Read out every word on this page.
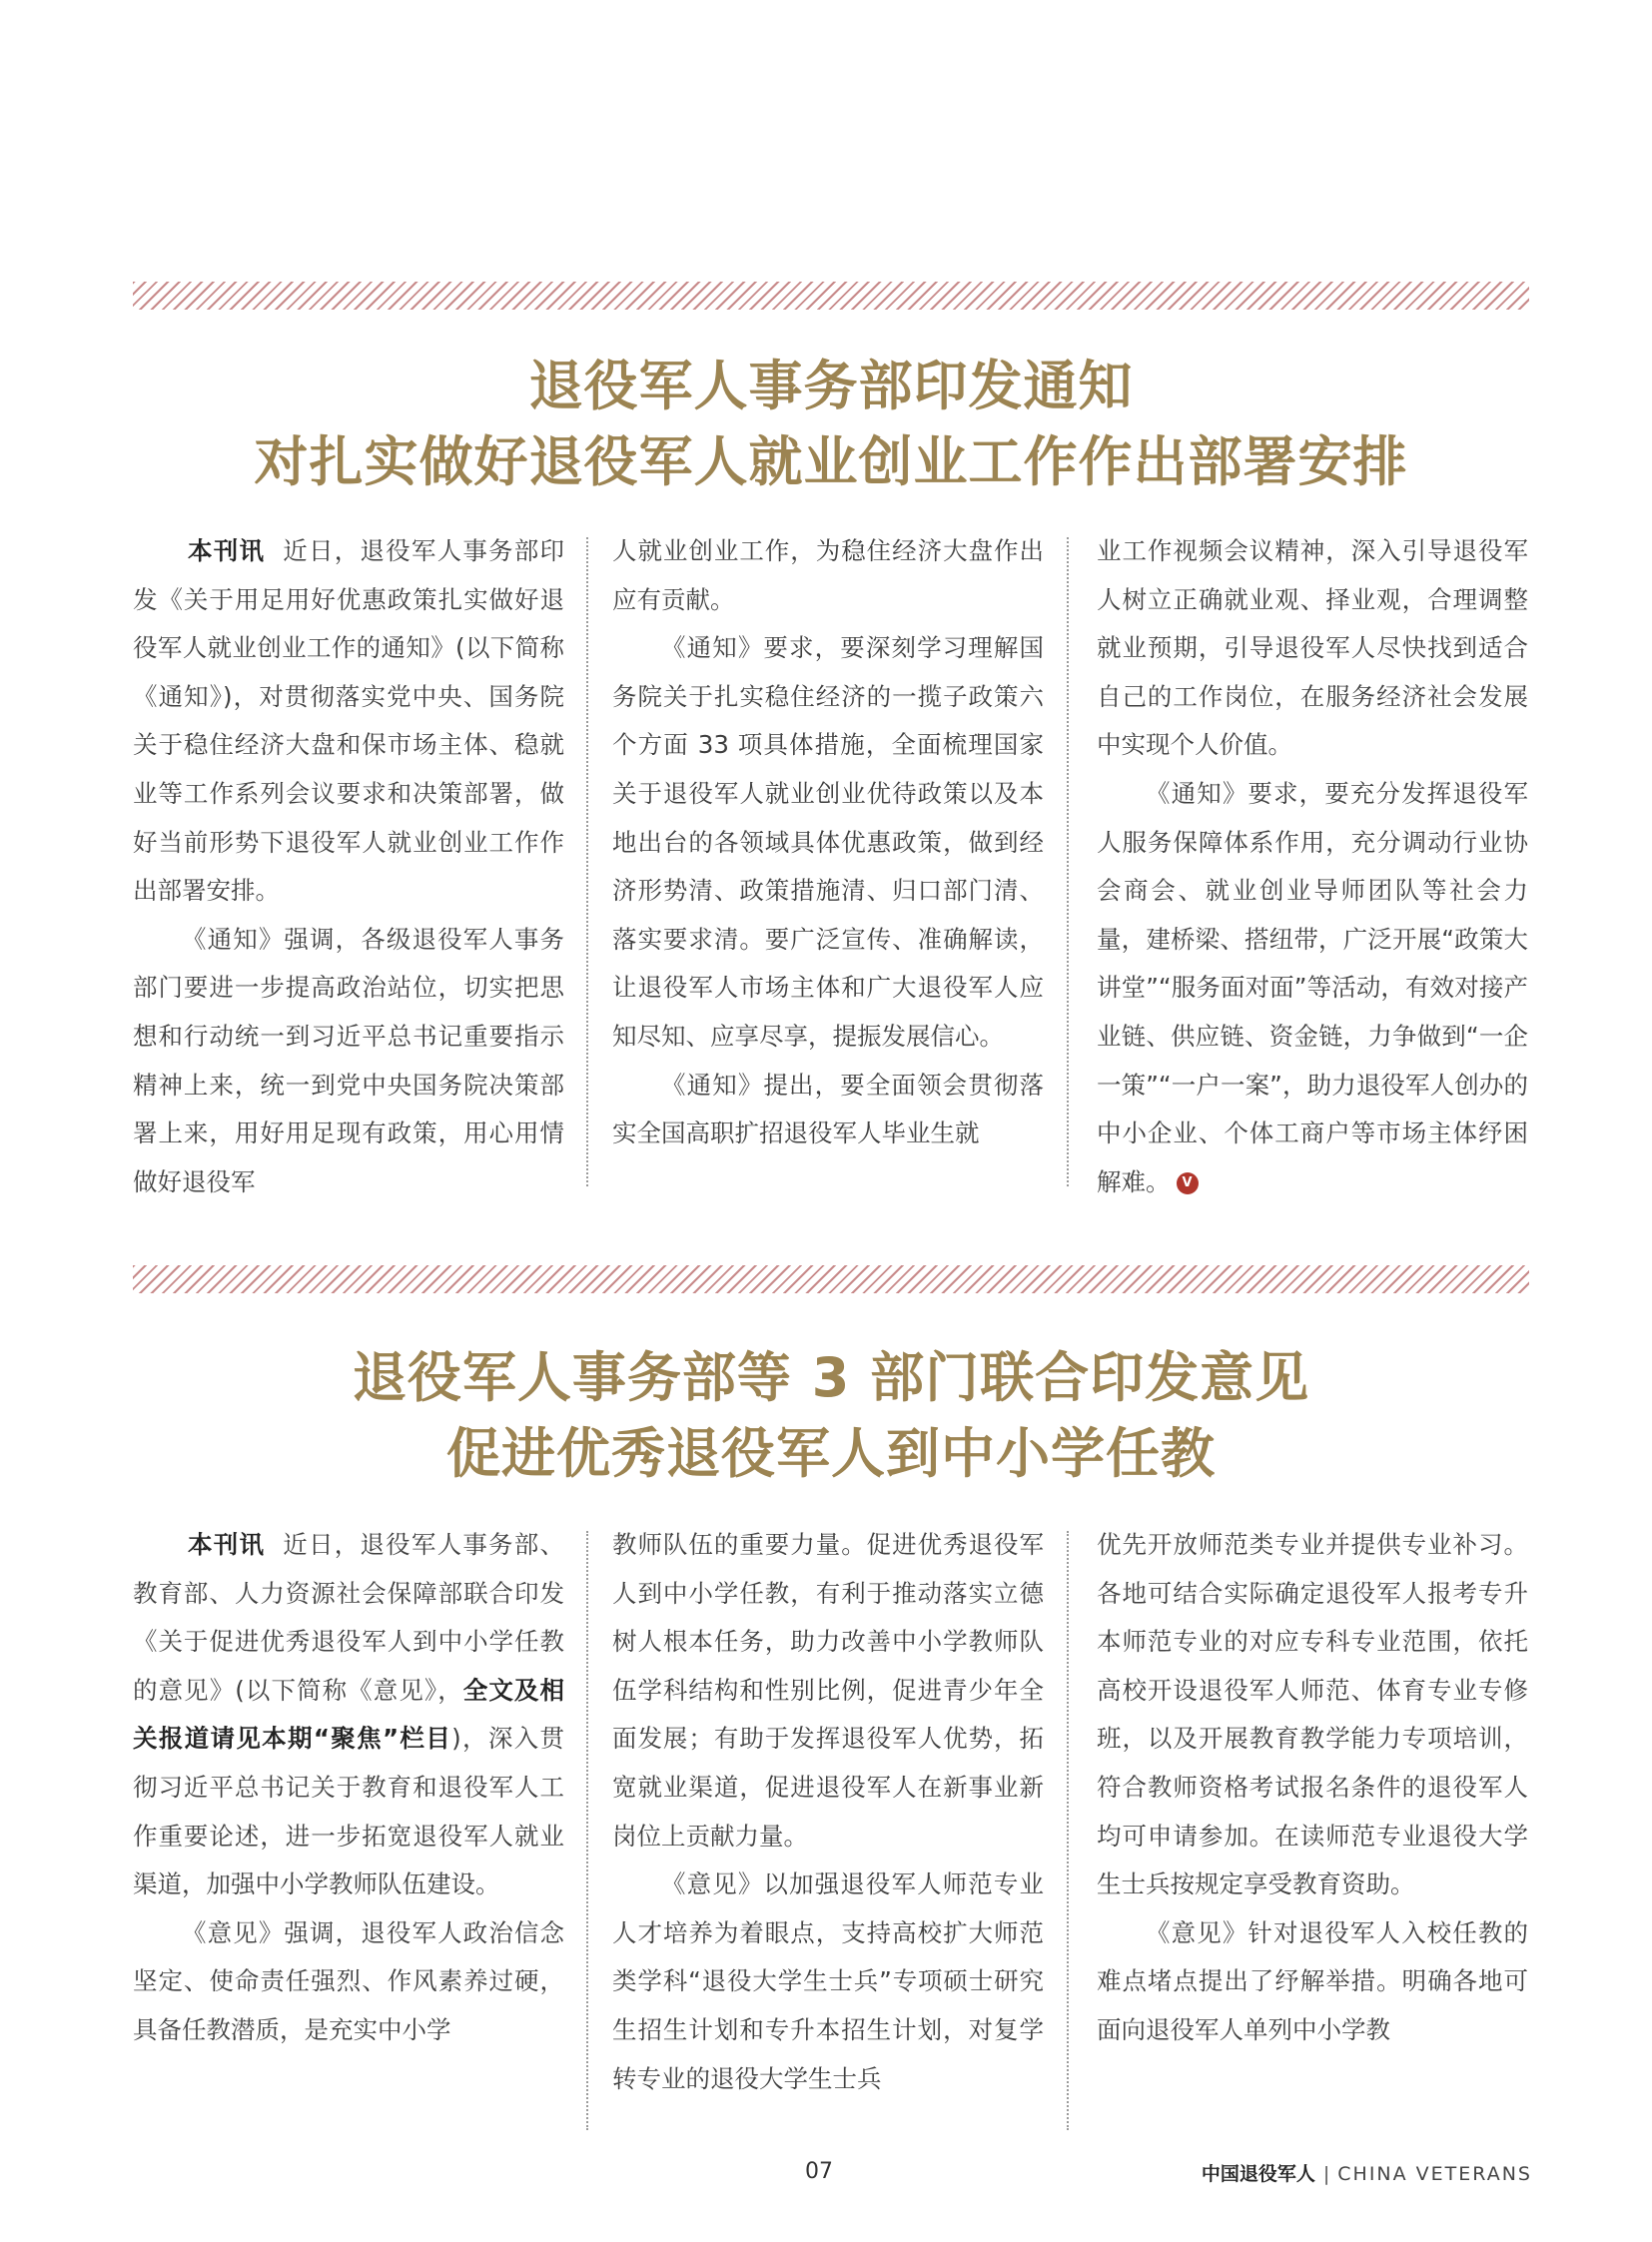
退役军人事务部印发通知
对扎实做好退役军人就业创业工作作出部署安排

本刊讯 近日，退役军人事务部印发《关于用足用好优惠政策扎实做好退役军人就业创业工作的通知》(以下简称《通知》)，对贯彻落实党中央、国务院关于稳住经济大盘和保市场主体、稳就业等工作系列会议要求和决策部署，做好当前形势下退役军人就业创业工作作出部署安排。

《通知》强调，各级退役军人事务部门要进一步提高政治站位，切实把思想和行动统一到习近平总书记重要指示精神上来，统一到党中央国务院决策部署上来，用好用足现有政策，用心用情做好退役军

人就业创业工作，为稳住经济大盘作出应有贡献。

《通知》要求，要深刻学习理解国务院关于扎实稳住经济的一揽子政策六个方面 33 项具体措施，全面梳理国家关于退役军人就业创业优待政策以及本地出台的各领域具体优惠政策，做到经济形势清、政策措施清、归口部门清、落实要求清。要广泛宣传、准确解读，让退役军人市场主体和广大退役军人应知尽知、应享尽享，提振发展信心。

《通知》提出，要全面领会贯彻落实全国高职扩招退役军人毕业生就

业工作视频会议精神，深入引导退役军人树立正确就业观、择业观，合理调整就业预期，引导退役军人尽快找到适合自己的工作岗位，在服务经济社会发展中实现个人价值。

《通知》要求，要充分发挥退役军人服务保障体系作用，充分调动行业协会商会、就业创业导师团队等社会力量，建桥梁、搭纽带，广泛开展“政策大讲堂”“服务面对面”等活动，有效对接产业链、供应链、资金链，力争做到“一企一策”“一户一案”，助力退役军人创办的中小企业、个体工商户等市场主体纾困解难。 V

退役军人事务部等 3 部门联合印发意见
促进优秀退役军人到中小学任教

本刊讯 近日，退役军人事务部、教育部、人力资源社会保障部联合印发《关于促进优秀退役军人到中小学任教的意见》(以下简称《意见》，全文及相关报道请见本期“聚焦”栏目)，深入贯彻习近平总书记关于教育和退役军人工作重要论述，进一步拓宽退役军人就业渠道，加强中小学教师队伍建设。

《意见》强调，退役军人政治信念坚定、使命责任强烈、作风素养过硬，具备任教潜质，是充实中小学

教师队伍的重要力量。促进优秀退役军人到中小学任教，有利于推动落实立德树人根本任务，助力改善中小学教师队伍学科结构和性别比例，促进青少年全面发展；有助于发挥退役军人优势，拓宽就业渠道，促进退役军人在新事业新岗位上贡献力量。

《意见》以加强退役军人师范专业人才培养为着眼点，支持高校扩大师范类学科“退役大学生士兵”专项硕士研究生招生计划和专升本招生计划，对复学转专业的退役大学生士兵

优先开放师范类专业并提供专业补习。各地可结合实际确定退役军人报考专升本师范专业的对应专科专业范围，依托高校开设退役军人师范、体育专业专修班，以及开展教育教学能力专项培训，符合教师资格考试报名条件的退役军人均可申请参加。在读师范专业退役大学生士兵按规定享受教育资助。

《意见》针对退役军人入校任教的难点堵点提出了纾解举措。明确各地可面向退役军人单列中小学教

07	中国退役军人 | CHINA VETERANS
